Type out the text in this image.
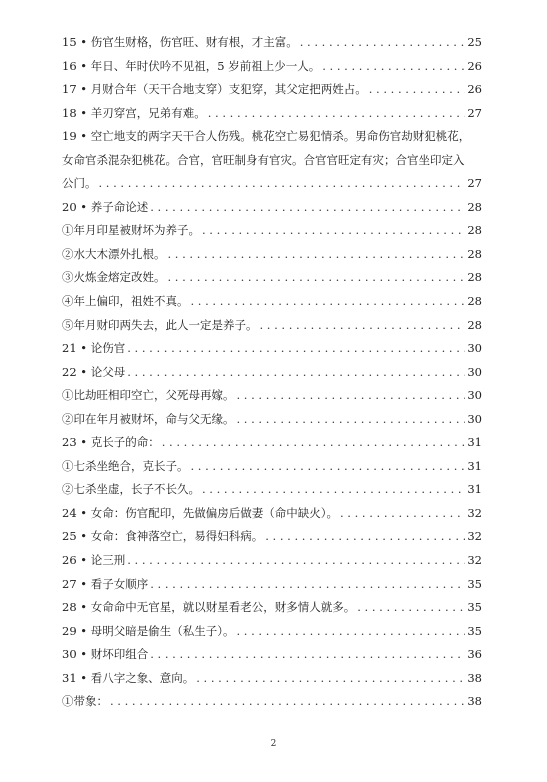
15 • 伤官生财格，伤官旺、财有根，才主富。 . . .	25
16 • 年日、年时伏吟不见祖，5 岁前祖上少一人。 . . .	26
17 • 月财合年（天干合地支穿）支犯穿，其父定把两姓占。 . . .	26
18 • 羊刃穿宫，兄弟有难。 . . .	27
19 • 空亡地支的两字天干合人伤残。桃花空亡易犯情杀。男命伤官劫财犯桃花，
女命官杀混杂犯桃花。合官，官旺制身有官灾。合官官旺定有灾；合官坐印定入
公门。 . . .	27
20 • 养子命论述 . . .	28
①年月印星被财坏为养子。 . . .	28
②水大木漂外扎根。 . . .	28
③火炼金熔定改姓。 . . .	28
④年上偏印，祖姓不真。 . . .	28
⑤年月财印两失去，此人一定是养子。 . . .	28
21 • 论伤官 . . .	30
22 • 论父母 . . .	30
①比劫旺相印空亡，父死母再嫁。 . . .	30
②印在年月被财坏，命与父无缘。 . . .	30
23 • 克长子的命： . . .	31
①七杀坐绝合，克长子。 . . .	31
②七杀坐虚，长子不长久。 . . .	31
24 • 女命：伤官配印，先做偏房后做妻（命中缺火）。 . . .	32
25 • 女命：食神落空亡，易得妇科病。 . . .	32
26 • 论三刑 . . .	32
27 • 看子女顺序 . . .	35
28 • 女命命中无官星，就以财星看老公，财多情人就多。 . . .	35
29 • 母明父暗是偷生（私生子）。 . . .	35
30 • 财坏印组合 . . .	36
31 • 看八字之象、意向。 . . .	38
①带象： . . .	38
2
